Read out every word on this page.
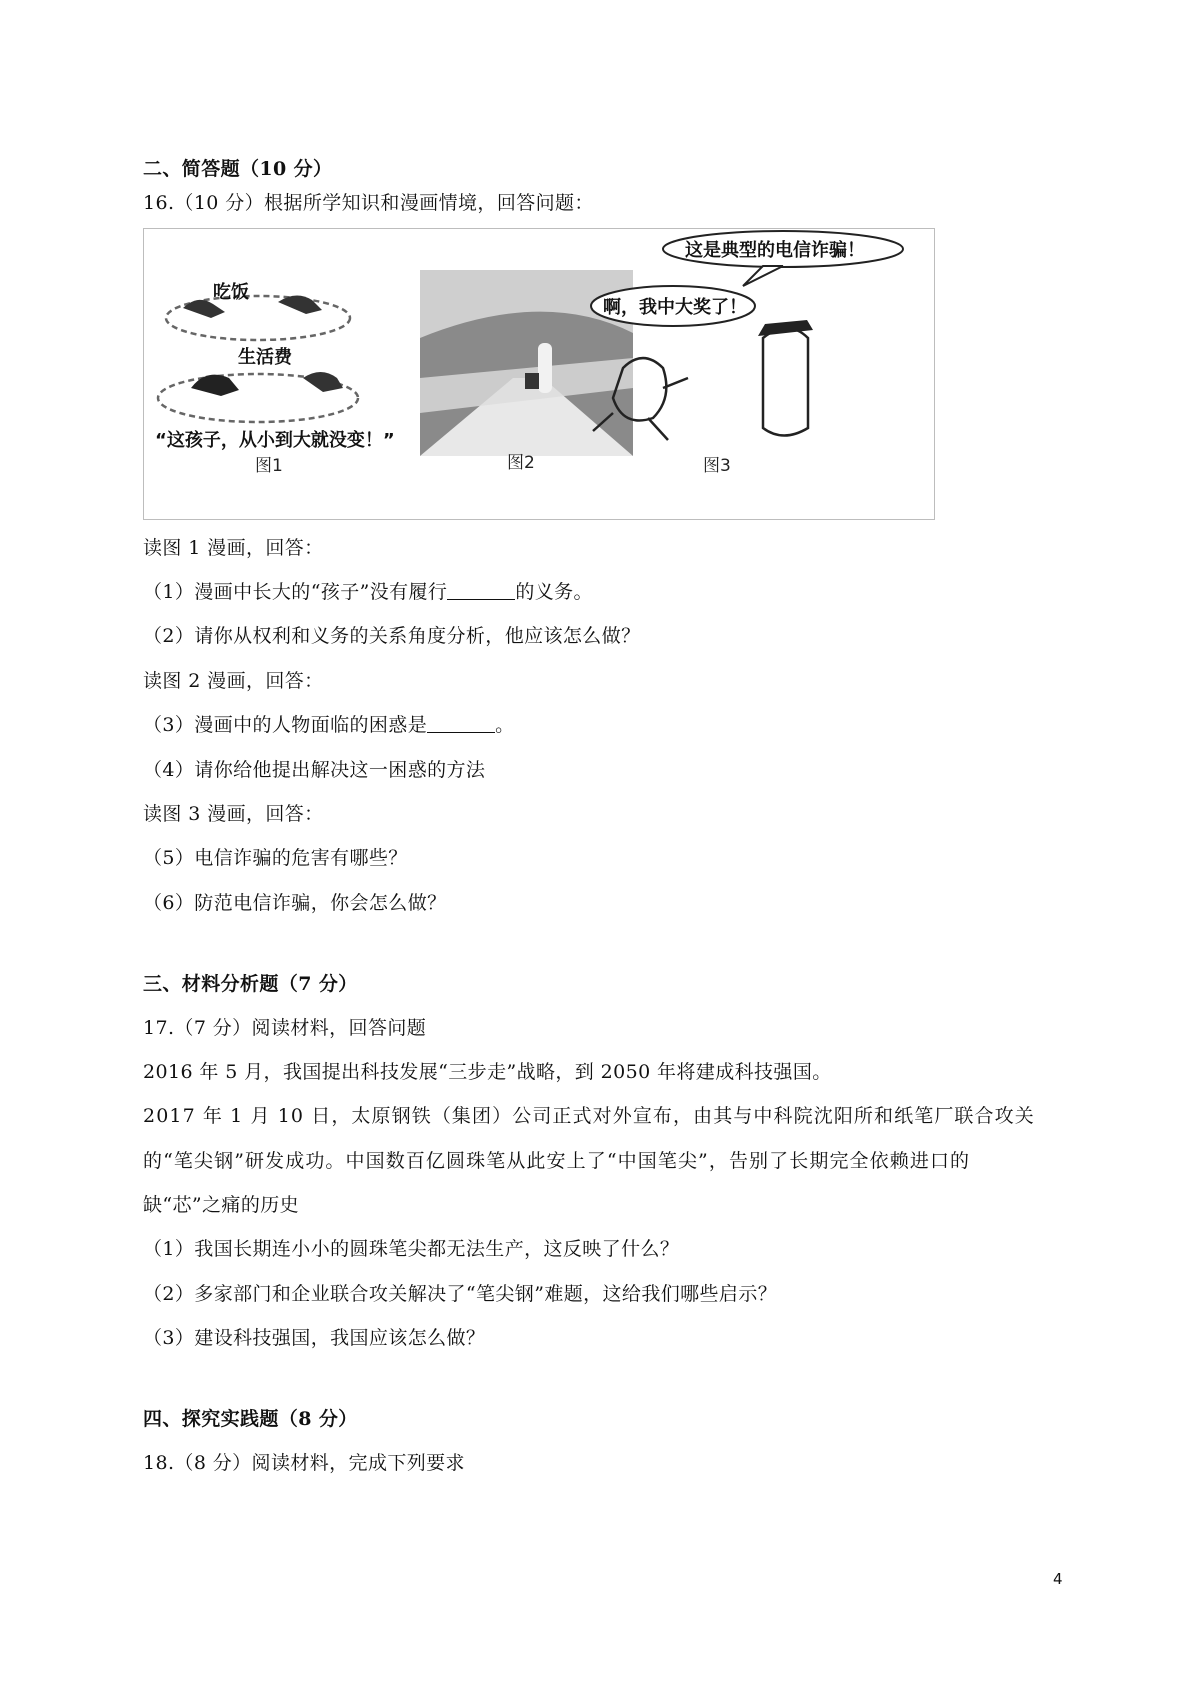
二、简答题（10 分）
16.（10 分）根据所学知识和漫画情境，回答问题：
吃饭
生活费
“这孩子，从小到大就没变！”
图1	图2
这是典型的电信诈骗！
啊，我中大奖了！
图3
读图 1 漫画，回答：
（1）漫画中长大的“孩子”没有履行	的义务。
（2）请你从权利和义务的关系角度分析，他应该怎么做？
读图 2 漫画，回答：
（3）漫画中的人物面临的困惑是	。
（4）请你给他提出解决这一困惑的方法
读图 3 漫画，回答：
（5）电信诈骗的危害有哪些？
（6）防范电信诈骗，你会怎么做？
三、材料分析题（7 分）
17.（7 分）阅读材料，回答问题
2016 年 5 月，我国提出科技发展“三步走”战略，到 2050 年将建成科技强国。
2017 年 1 月 10 日，太原钢铁（集团）公司正式对外宣布，由其与中科院沈阳所和纸笔厂联合攻关
的“笔尖钢”研发成功。中国数百亿圆珠笔从此安上了“中国笔尖”，告别了长期完全依赖进口的
缺“芯”之痛的历史
（1）我国长期连小小的圆珠笔尖都无法生产，这反映了什么？
（2）多家部门和企业联合攻关解决了“笔尖钢”难题，这给我们哪些启示？
（3）建设科技强国，我国应该怎么做？
四、探究实践题（8 分）
18.（8 分）阅读材料，完成下列要求
4
